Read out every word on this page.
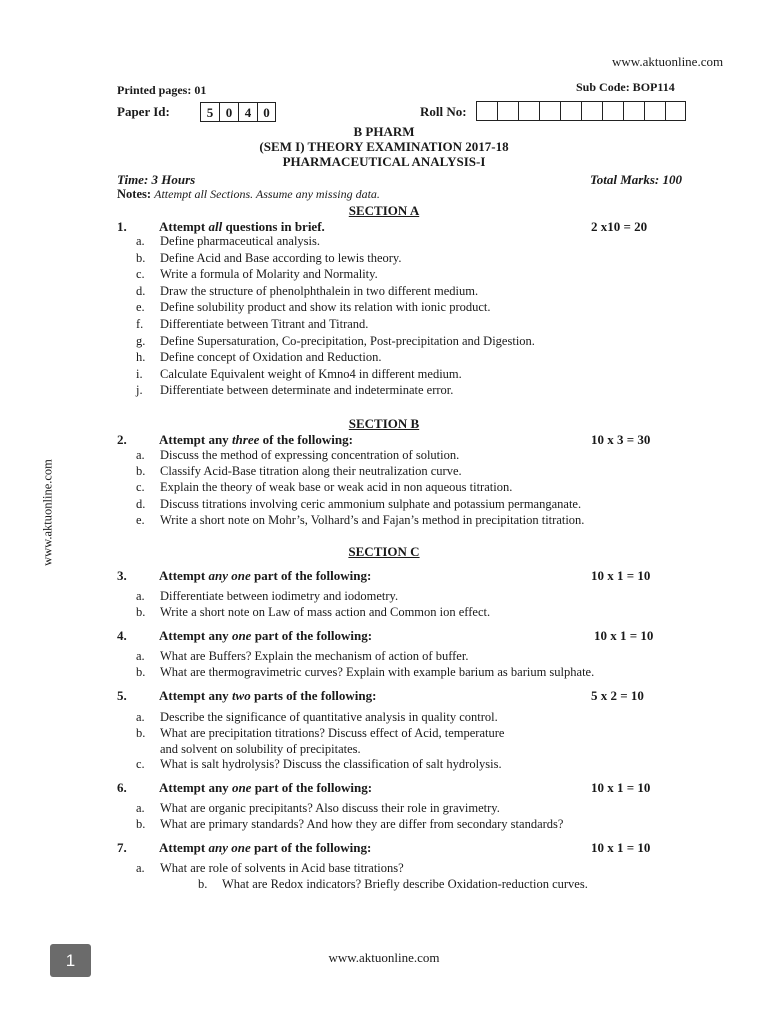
www.aktuonline.com
Printed pages: 01	Sub Code: BOP114
Paper Id:	5 0 4 0	Roll No:
B PHARM
(SEM I) THEORY EXAMINATION 2017-18
PHARMACEUTICAL ANALYSIS-I
Time: 3 Hours	Total Marks: 100
Notes: Attempt all Sections. Assume any missing data.
SECTION A
1. Attempt all questions in brief.	2 x10 = 20
a. Define pharmaceutical analysis.
b. Define Acid and Base according to lewis theory.
c. Write a formula of Molarity and Normality.
d. Draw the structure of phenolphthalein in two different medium.
e. Define solubility product and show its relation with ionic product.
f. Differentiate between Titrant and Titrand.
g. Define Supersaturation, Co-precipitation, Post-precipitation and Digestion.
h. Define concept of Oxidation and Reduction.
i. Calculate Equivalent weight of Kmno4 in different medium.
j. Differentiate between determinate and indeterminate error.
SECTION B
2. Attempt any three of the following:	10 x 3 = 30
a. Discuss the method of expressing concentration of solution.
b. Classify Acid-Base titration along their neutralization curve.
c. Explain the theory of weak base or weak acid in non aqueous titration.
d. Discuss titrations involving ceric ammonium sulphate and potassium permanganate.
e. Write a short note on Mohr’s, Volhard’s and Fajan’s method in precipitation titration.
SECTION C
3. Attempt any one part of the following:	10 x 1 = 10
a. Differentiate between iodimetry and iodometry.
b. Write a short note on Law of mass action and Common ion effect.
4. Attempt any one part of the following:	10 x 1 = 10
a. What are Buffers? Explain the mechanism of action of buffer.
b. What are thermogravimetric curves? Explain with example barium as barium sulphate.
5. Attempt any two parts of the following:	5 x 2 = 10
a. Describe the significance of quantitative analysis in quality control.
b. What are precipitation titrations? Discuss effect of Acid, temperature
and solvent on solubility of precipitates.
c. What is salt hydrolysis? Discuss the classification of salt hydrolysis.
6. Attempt any one part of the following:	10 x 1 = 10
a. What are organic precipitants? Also discuss their role in gravimetry.
b. What are primary standards? And how they are differ from secondary standards?
7. Attempt any one part of the following:	10 x 1 = 10
a. What are role of solvents in Acid base titrations?
b. What are Redox indicators? Briefly describe Oxidation-reduction curves.
www.aktuonline.com
www.aktuonline.com
1
